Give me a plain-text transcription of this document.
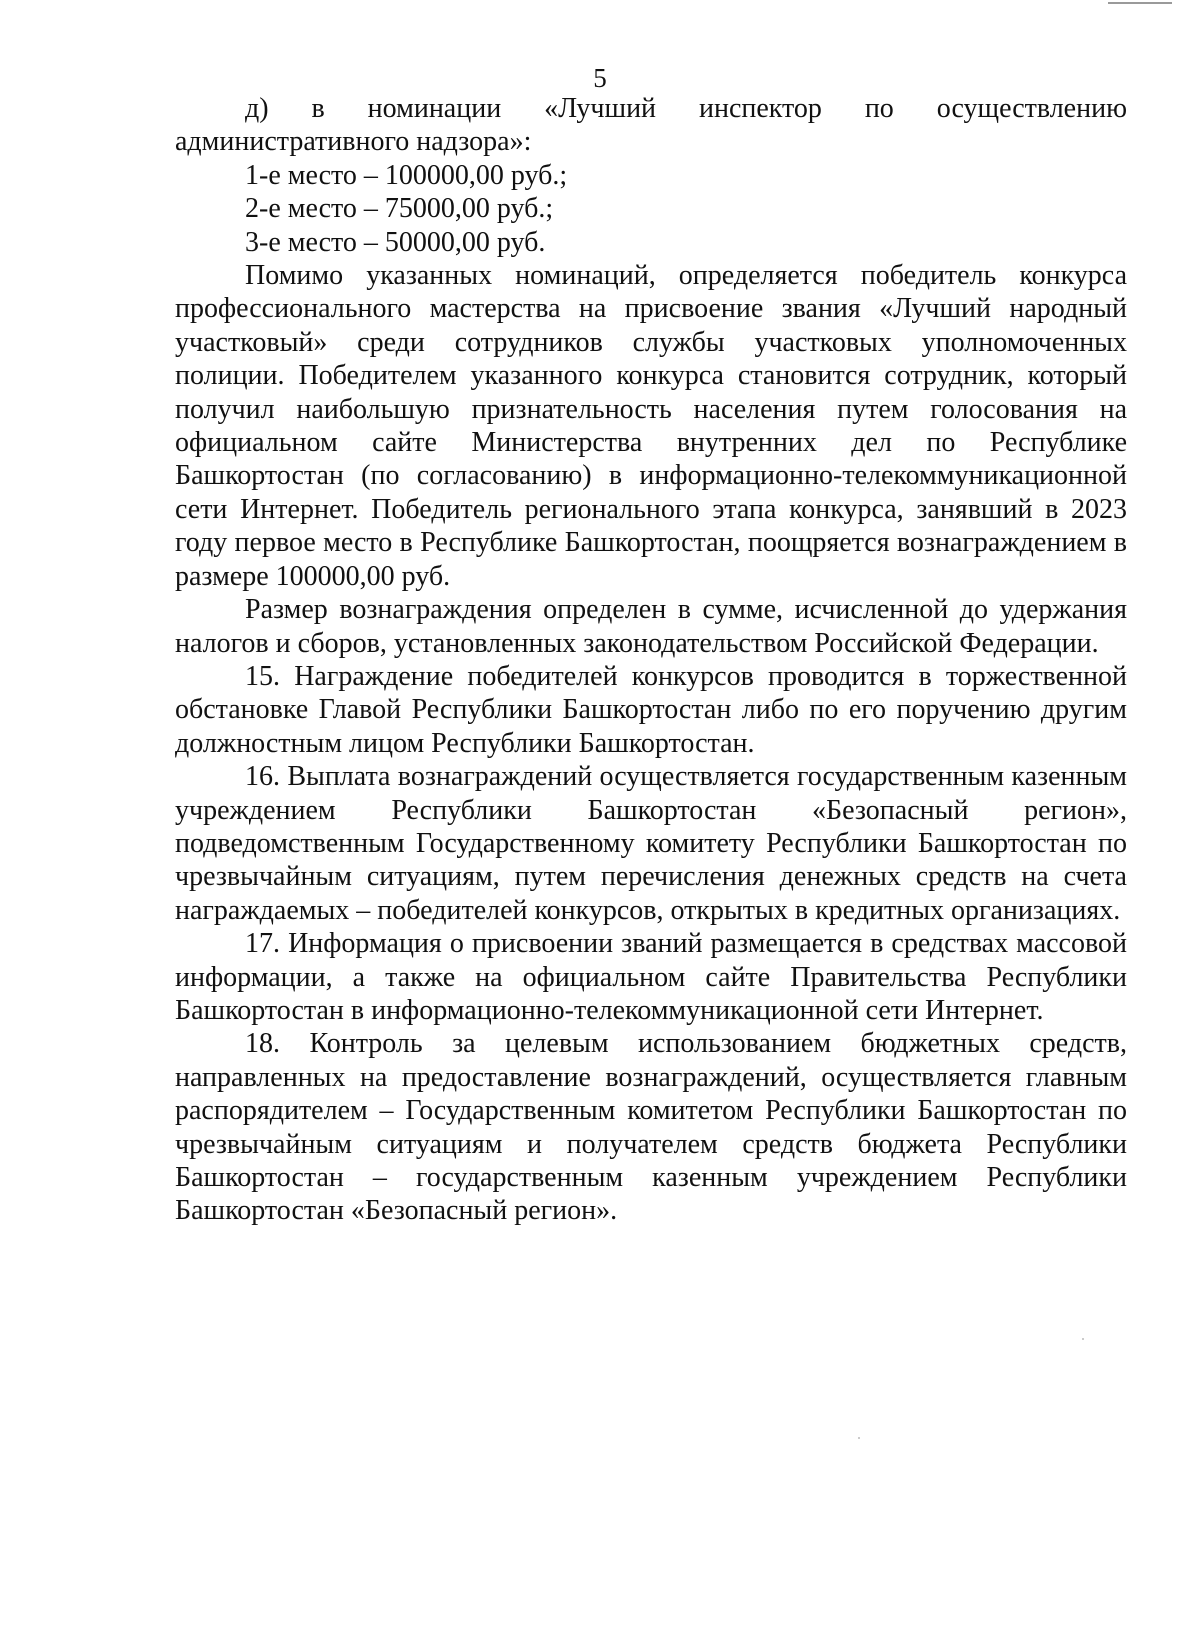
5

д) в номинации «Лучший инспектор по осуществлению административного надзора»:

1-е место – 100000,00 руб.;

2-е место – 75000,00 руб.;

3-е место – 50000,00 руб.

Помимо указанных номинаций, определяется победитель конкурса профессионального мастерства на присвоение звания «Лучший народный участковый» среди сотрудников службы участковых уполномоченных полиции. Победителем указанного конкурса становится сотрудник, который получил наибольшую признательность населения путем голосования на официальном сайте Министерства внутренних дел по Республике Башкортостан (по согласованию) в информационно-телекоммуникационной сети Интернет. Победитель регионального этапа конкурса, занявший в 2023 году первое место в Республике Башкортостан, поощряется вознаграждением в размере 100000,00 руб.

Размер вознаграждения определен в сумме, исчисленной до удержания налогов и сборов, установленных законодательством Российской Федерации.

15. Награждение победителей конкурсов проводится в торжественной обстановке Главой Республики Башкортостан либо по его поручению другим должностным лицом Республики Башкортостан.

16. Выплата вознаграждений осуществляется государственным казенным учреждением Республики Башкортостан «Безопасный регион», подведомственным Государственному комитету Республики Башкортостан по чрезвычайным ситуациям, путем перечисления денежных средств на счета награждаемых – победителей конкурсов, открытых в кредитных организациях.

17. Информация о присвоении званий размещается в средствах массовой информации, а также на официальном сайте Правительства Республики Башкортостан в информационно-телекоммуникационной сети Интернет.

18. Контроль за целевым использованием бюджетных средств, направленных на предоставление вознаграждений, осуществляется главным распорядителем – Государственным комитетом Республики Башкортостан по чрезвычайным ситуациям и получателем средств бюджета Республики Башкортостан – государственным казенным учреждением Республики Башкортостан «Безопасный регион».
